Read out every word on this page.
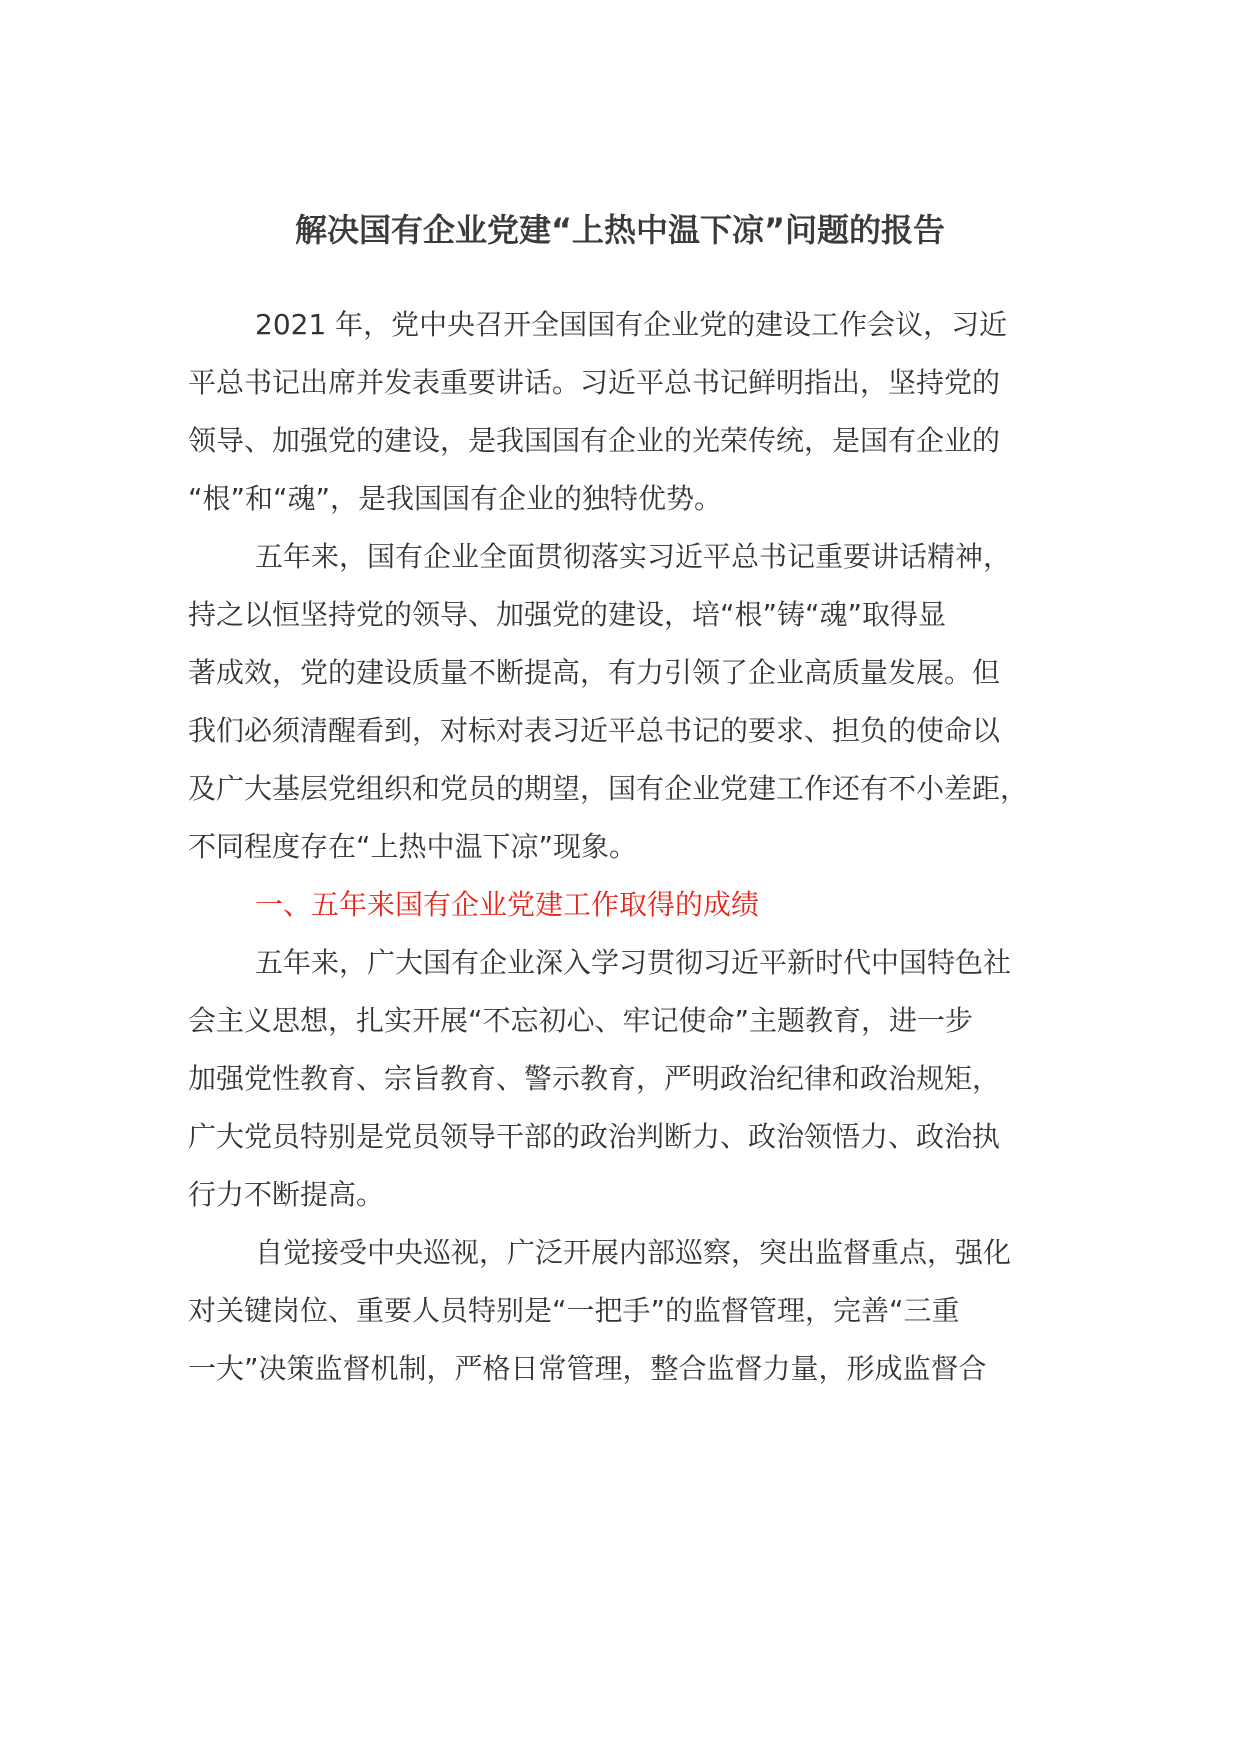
解决国有企业党建“上热中温下凉”问题的报告

2021 年，党中央召开全国国有企业党的建设工作会议，习近

平总书记出席并发表重要讲话。习近平总书记鲜明指出，坚持党的

领导、加强党的建设，是我国国有企业的光荣传统，是国有企业的

“根”和“魂”，是我国国有企业的独特优势。

五年来，国有企业全面贯彻落实习近平总书记重要讲话精神，

持之以恒坚持党的领导、加强党的建设，培“根”铸“魂”取得显

著成效，党的建设质量不断提高，有力引领了企业高质量发展。但

我们必须清醒看到，对标对表习近平总书记的要求、担负的使命以

及广大基层党组织和党员的期望，国有企业党建工作还有不小差距，

不同程度存在“上热中温下凉”现象。

一、五年来国有企业党建工作取得的成绩

五年来，广大国有企业深入学习贯彻习近平新时代中国特色社

会主义思想，扎实开展“不忘初心、牢记使命”主题教育，进一步

加强党性教育、宗旨教育、警示教育，严明政治纪律和政治规矩，

广大党员特别是党员领导干部的政治判断力、政治领悟力、政治执

行力不断提高。

自觉接受中央巡视，广泛开展内部巡察，突出监督重点，强化

对关键岗位、重要人员特别是“一把手”的监督管理，完善“三重

一大”决策监督机制，严格日常管理，整合监督力量，形成监督合
